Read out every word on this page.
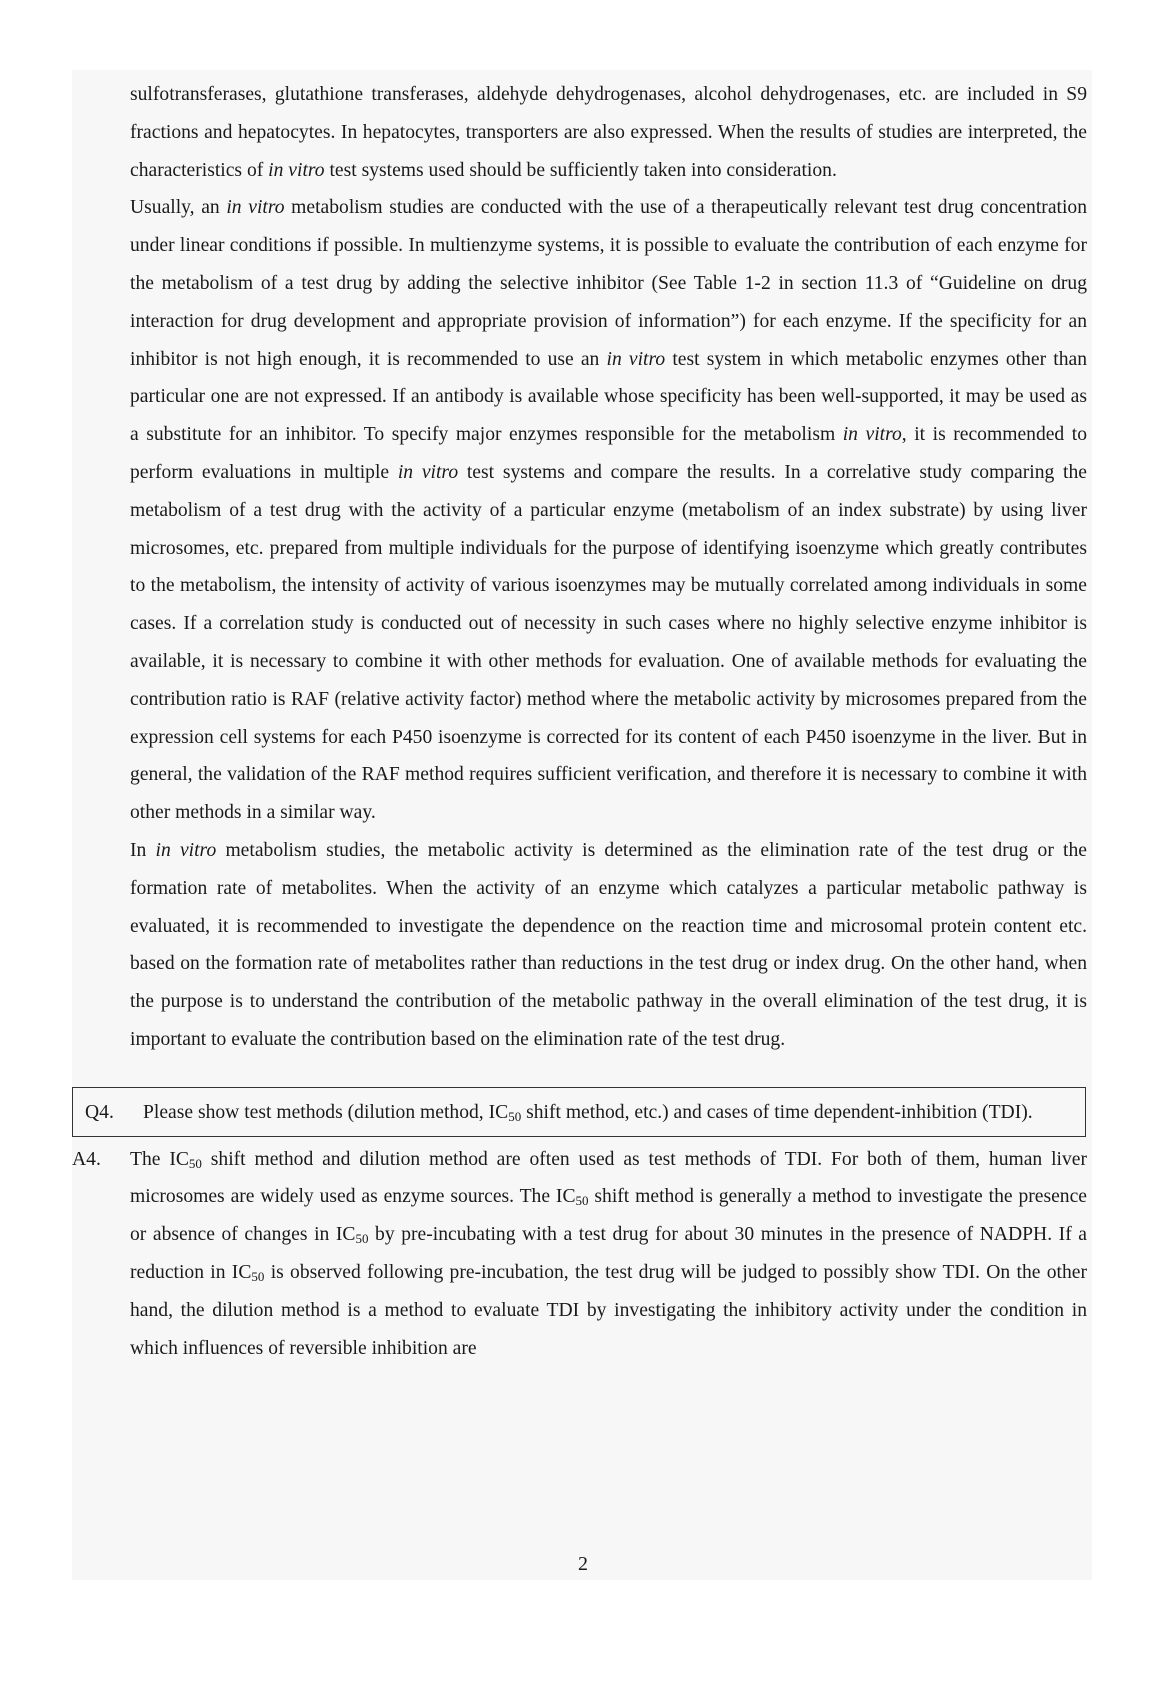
sulfotransferases, glutathione transferases, aldehyde dehydrogenases, alcohol dehydrogenases, etc. are included in S9 fractions and hepatocytes. In hepatocytes, transporters are also expressed. When the results of studies are interpreted, the characteristics of in vitro test systems used should be sufficiently taken into consideration.

Usually, an in vitro metabolism studies are conducted with the use of a therapeutically relevant test drug concentration under linear conditions if possible. In multienzyme systems, it is possible to evaluate the contribution of each enzyme for the metabolism of a test drug by adding the selective inhibitor (See Table 1-2 in section 11.3 of “Guideline on drug interaction for drug development and appropriate provision of information”) for each enzyme. If the specificity for an inhibitor is not high enough, it is recommended to use an in vitro test system in which metabolic enzymes other than particular one are not expressed. If an antibody is available whose specificity has been well-supported, it may be used as a substitute for an inhibitor. To specify major enzymes responsible for the metabolism in vitro, it is recommended to perform evaluations in multiple in vitro test systems and compare the results. In a correlative study comparing the metabolism of a test drug with the activity of a particular enzyme (metabolism of an index substrate) by using liver microsomes, etc. prepared from multiple individuals for the purpose of identifying isoenzyme which greatly contributes to the metabolism, the intensity of activity of various isoenzymes may be mutually correlated among individuals in some cases. If a correlation study is conducted out of necessity in such cases where no highly selective enzyme inhibitor is available, it is necessary to combine it with other methods for evaluation. One of available methods for evaluating the contribution ratio is RAF (relative activity factor) method where the metabolic activity by microsomes prepared from the expression cell systems for each P450 isoenzyme is corrected for its content of each P450 isoenzyme in the liver. But in general, the validation of the RAF method requires sufficient verification, and therefore it is necessary to combine it with other methods in a similar way.

In in vitro metabolism studies, the metabolic activity is determined as the elimination rate of the test drug or the formation rate of metabolites. When the activity of an enzyme which catalyzes a particular metabolic pathway is evaluated, it is recommended to investigate the dependence on the reaction time and microsomal protein content etc. based on the formation rate of metabolites rather than reductions in the test drug or index drug. On the other hand, when the purpose is to understand the contribution of the metabolic pathway in the overall elimination of the test drug, it is important to evaluate the contribution based on the elimination rate of the test drug.

Q4.	Please show test methods (dilution method, $IC_{50}$ shift method, etc.) and cases of time dependent-inhibition (TDI).
A4.	The $IC_{50}$ shift method and dilution method are often used as test methods of TDI. For both of them, human liver microsomes are widely used as enzyme sources. The $IC_{50}$ shift method is generally a method to investigate the presence or absence of changes in $IC_{50}$ by pre-incubating with a test drug for about 30 minutes in the presence of NADPH. If a reduction in $IC_{50}$ is observed following pre-incubation, the test drug will be judged to possibly show TDI. On the other hand, the dilution method is a method to evaluate TDI by investigating the inhibitory activity under the condition in which influences of reversible inhibition are

2
